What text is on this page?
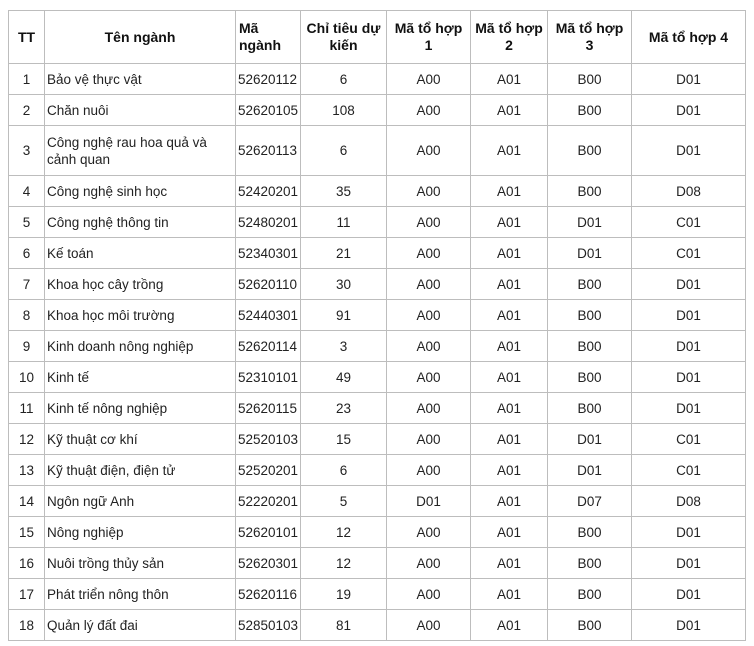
TT	Tên ngành	Mã ngành	Chỉ tiêu dự kiến	Mã tổ hợp 1	Mã tổ hợp 2	Mã tổ hợp 3	Mã tổ hợp 4
1	Bảo vệ thực vật	52620112	6	A00	A01	B00	D01
2	Chăn nuôi	52620105	108	A00	A01	B00	D01
3	Công nghệ rau hoa quả và cảnh quan	52620113	6	A00	A01	B00	D01
4	Công nghệ sinh học	52420201	35	A00	A01	B00	D08
5	Công nghệ thông tin	52480201	11	A00	A01	D01	C01
6	Kế toán	52340301	21	A00	A01	D01	C01
7	Khoa học cây trồng	52620110	30	A00	A01	B00	D01
8	Khoa học môi trường	52440301	91	A00	A01	B00	D01
9	Kinh doanh nông nghiệp	52620114	3	A00	A01	B00	D01
10	Kinh tế	52310101	49	A00	A01	B00	D01
11	Kinh tế nông nghiệp	52620115	23	A00	A01	B00	D01
12	Kỹ thuật cơ khí	52520103	15	A00	A01	D01	C01
13	Kỹ thuật điện, điện tử	52520201	6	A00	A01	D01	C01
14	Ngôn ngữ Anh	52220201	5	D01	A01	D07	D08
15	Nông nghiệp	52620101	12	A00	A01	B00	D01
16	Nuôi trồng thủy sản	52620301	12	A00	A01	B00	D01
17	Phát triển nông thôn	52620116	19	A00	A01	B00	D01
18	Quản lý đất đai	52850103	81	A00	A01	B00	D01
